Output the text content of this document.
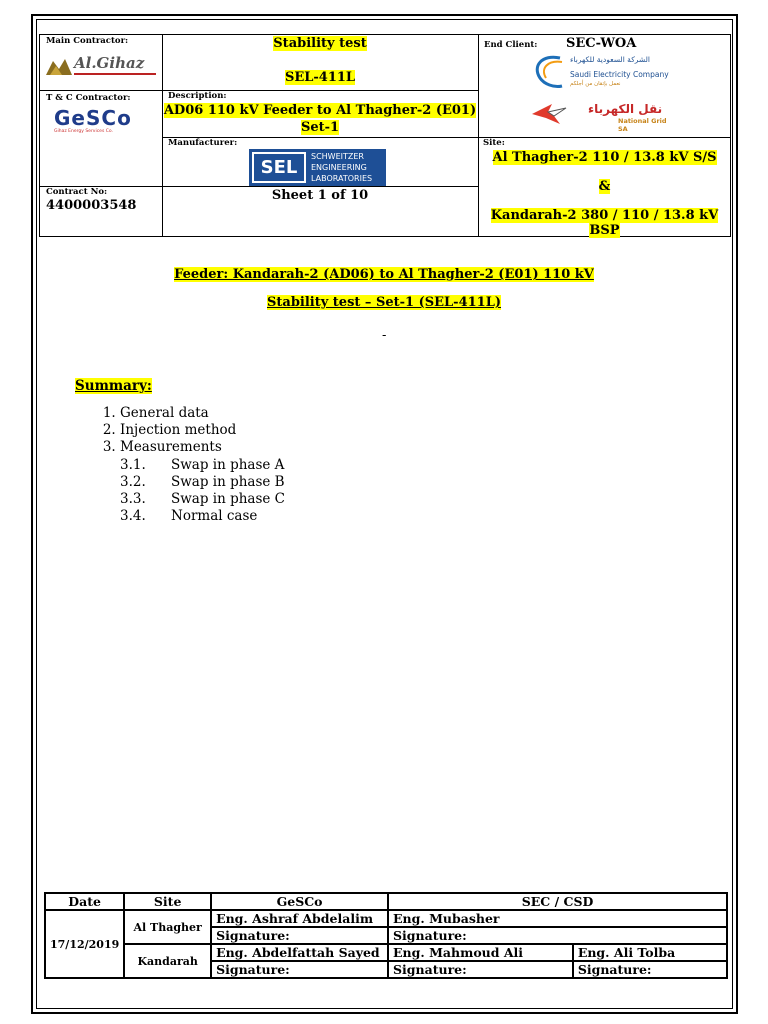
Main Contractor:
Al.Gihaz
T & C Contractor:
GeSCo
Gihaz Energy Services Co.
Contract No:
4400003548
Stability test
SEL-411L
Description:
AD06 110 kV Feeder to Al Thagher-2 (E01)
Set-1
Manufacturer:
SEL
SCHWEITZER
ENGINEERING
LABORATORIES
Sheet 1 of 10
End Client: SEC-WOA
الشركة السعودية للكهرباء
Saudi Electricity Company
نعمل بإتقان من أجلكم
نقل الكهرباء
National Grid SA
Site:
Al Thagher-2 110 / 13.8 kV S/S
&
Kandarah-2 380 / 110 / 13.8 kV BSP
Feeder: Kandarah-2 (AD06) to Al Thagher-2 (E01) 110 kV
Stability test – Set-1 (SEL-411L)
-
Summary:
1. General data
2. Injection method
3. Measurements
3.1. Swap in phase A
3.2. Swap in phase B
3.3. Swap in phase C
3.4. Normal case
Date	Site	GeSCo	SEC / CSD	
17/12/2019	Al Thagher	Eng. Ashraf Abdelalim	Eng. Mubasher	
		Signature:	Signature:	
	Kandarah	Eng. Abdelfattah Sayed	Eng. Mahmoud Ali	Eng. Ali Tolba
		Signature:	Signature:	Signature:
